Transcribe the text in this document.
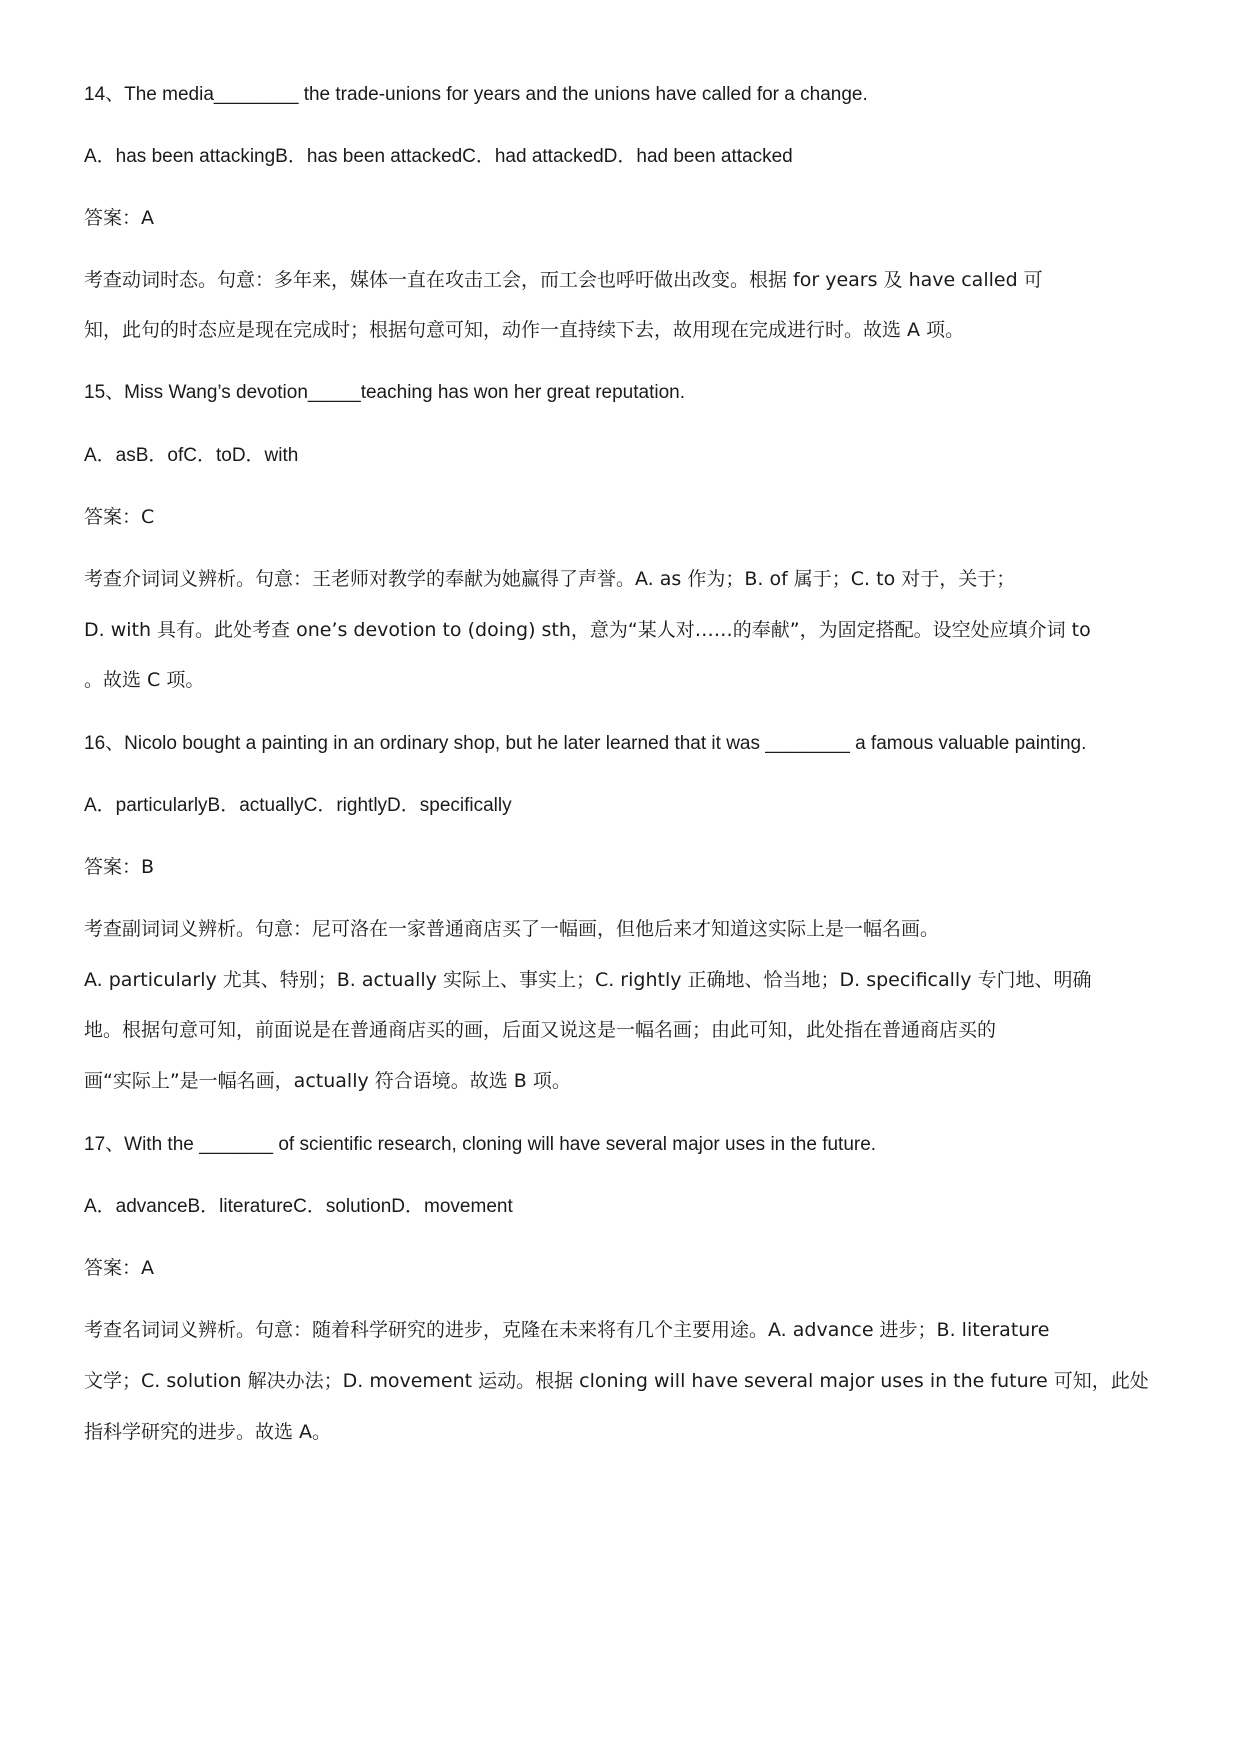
14、The media________ the trade-unions for years and the unions have called for a change.
A．has been attackingB．has been attackedC．had attackedD．had been attacked
答案：A
考查动词时态。句意：多年来，媒体一直在攻击工会，而工会也呼吁做出改变。根据 for years 及 have called 可
知，此句的时态应是现在完成时；根据句意可知，动作一直持续下去，故用现在完成进行时。故选 A 项。
15、Miss Wang’s devotion_____teaching has won her great reputation.
A．asB．ofC．toD．with
答案：C
考查介词词义辨析。句意：王老师对教学的奉献为她赢得了声誉。A. as 作为；B. of 属于；C. to 对于，关于；
D. with 具有。此处考查 one’s devotion to (doing) sth，意为“某人对……的奉献”，为固定搭配。设空处应填介词 to
。故选 C 项。
16、Nicolo bought a painting in an ordinary shop, but he later learned that it was ________ a famous valuable painting.
A．particularlyB．actuallyC．rightlyD．specifically
答案：B
考查副词词义辨析。句意：尼可洛在一家普通商店买了一幅画，但他后来才知道这实际上是一幅名画。
A. particularly 尤其、特别；B. actually 实际上、事实上；C. rightly 正确地、恰当地；D. specifically 专门地、明确
地。根据句意可知，前面说是在普通商店买的画，后面又说这是一幅名画；由此可知，此处指在普通商店买的
画“实际上”是一幅名画，actually 符合语境。故选 B 项。
17、With the _______ of scientific research, cloning will have several major uses in the future.
A．advanceB．literatureC．solutionD．movement
答案：A
考查名词词义辨析。句意：随着科学研究的进步，克隆在未来将有几个主要用途。A. advance 进步；B. literature
文学；C. solution 解决办法；D. movement 运动。根据 cloning will have several major uses in the future 可知，此处
指科学研究的进步。故选 A。
